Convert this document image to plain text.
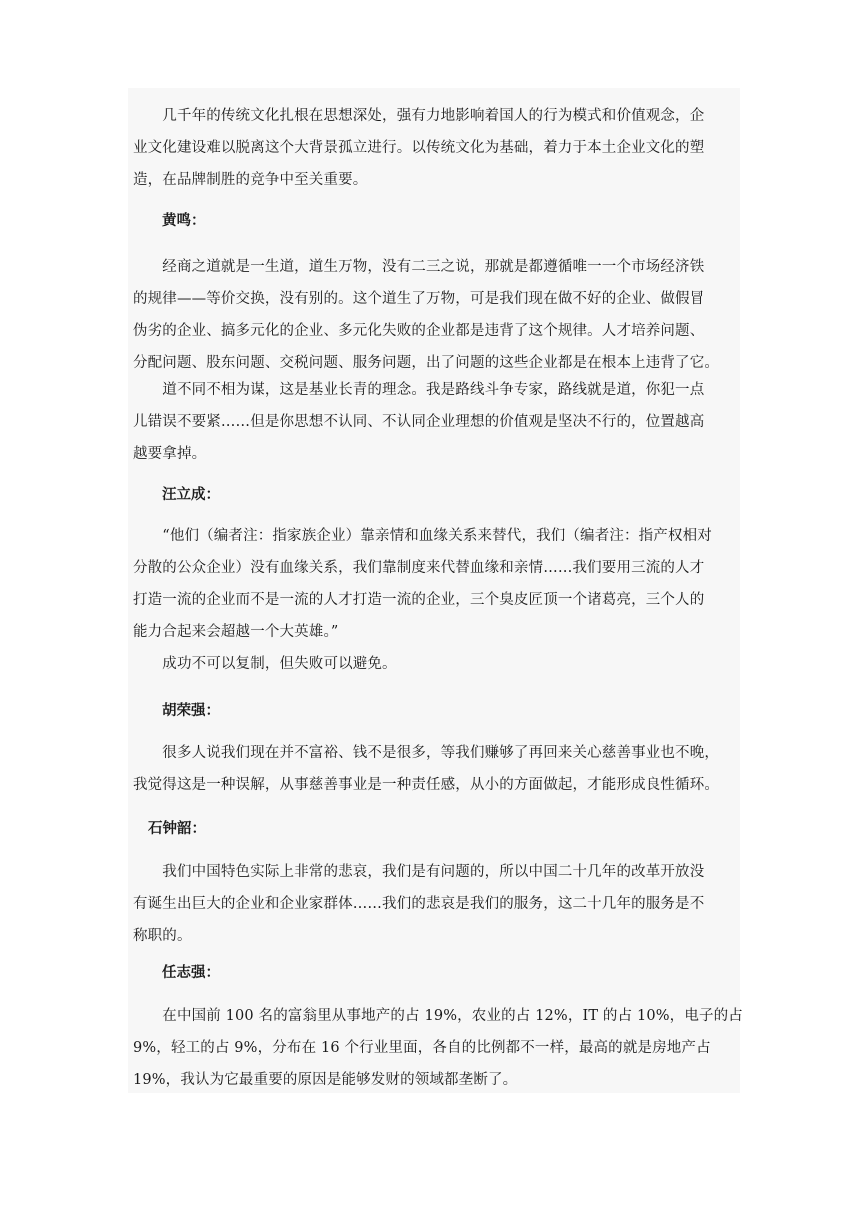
　　几千年的传统文化扎根在思想深处，强有力地影响着国人的行为模式和价值观念，企

业文化建设难以脱离这个大背景孤立进行。以传统文化为基础，着力于本土企业文化的塑

造，在品牌制胜的竞争中至关重要。

黄鸣：

　　经商之道就是一生道，道生万物，没有二三之说，那就是都遵循唯一一个市场经济铁

的规律——等价交换，没有别的。这个道生了万物，可是我们现在做不好的企业、做假冒

伪劣的企业、搞多元化的企业、多元化失败的企业都是违背了这个规律。人才培养问题、

分配问题、股东问题、交税问题、服务问题，出了问题的这些企业都是在根本上违背了它。

　　道不同不相为谋，这是基业长青的理念。我是路线斗争专家，路线就是道，你犯一点

儿错误不要紧……但是你思想不认同、不认同企业理想的价值观是坚决不行的，位置越高

越要拿掉。

汪立成：

　　“他们（编者注：指家族企业）靠亲情和血缘关系来替代，我们（编者注：指产权相对

分散的公众企业）没有血缘关系，我们靠制度来代替血缘和亲情……我们要用三流的人才

打造一流的企业而不是一流的人才打造一流的企业，三个臭皮匠顶一个诸葛亮，三个人的

能力合起来会超越一个大英雄。”

　　成功不可以复制，但失败可以避免。

胡荣强：

　　很多人说我们现在并不富裕、钱不是很多，等我们赚够了再回来关心慈善事业也不晚，

我觉得这是一种误解，从事慈善事业是一种责任感，从小的方面做起，才能形成良性循环。

石钟韶：

　　我们中国特色实际上非常的悲哀，我们是有问题的，所以中国二十几年的改革开放没

有诞生出巨大的企业和企业家群体……我们的悲哀是我们的服务，这二十几年的服务是不

称职的。

任志强：

　　在中国前 100 名的富翁里从事地产的占 19%，农业的占 12%，IT 的占 10%，电子的占

9%，轻工的占 9%，分布在 16 个行业里面，各自的比例都不一样，最高的就是房地产占

19%，我认为它最重要的原因是能够发财的领域都垄断了。
